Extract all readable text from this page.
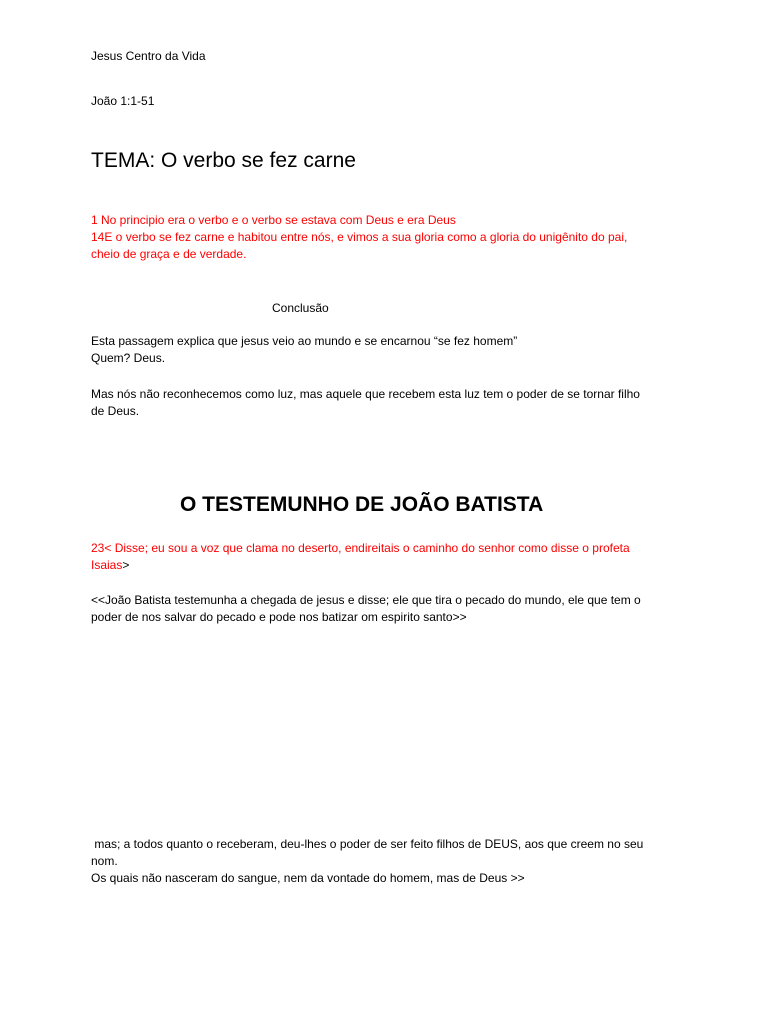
Jesus Centro da Vida

João 1:1-51

TEMA: O verbo se fez carne

1 No principio era o verbo e o verbo se estava com Deus e era Deus
14E o verbo se fez carne e habitou entre nós, e vimos a sua gloria como a gloria do unigênito do pai,
cheio de graça e de verdade.

Conclusão

Esta passagem explica que jesus veio ao mundo e se encarnou “se fez homem”
Quem? Deus.

Mas nós não reconhecemos como luz, mas aquele que recebem esta luz tem o poder de se tornar filho
de Deus.

O TESTEMUNHO DE JOÃO BATISTA

23< Disse; eu sou a voz que clama no deserto, endireitais o caminho do senhor como disse o profeta
Isaias>

<<João Batista testemunha a chegada de jesus e disse; ele que tira o pecado do mundo, ele que tem o
poder de nos salvar do pecado e pode nos batizar om espirito santo>>

mas; a todos quanto o receberam, deu-lhes o poder de ser feito filhos de DEUS, aos que creem no seu
nom.
Os quais não nasceram do sangue, nem da vontade do homem, mas de Deus >>
